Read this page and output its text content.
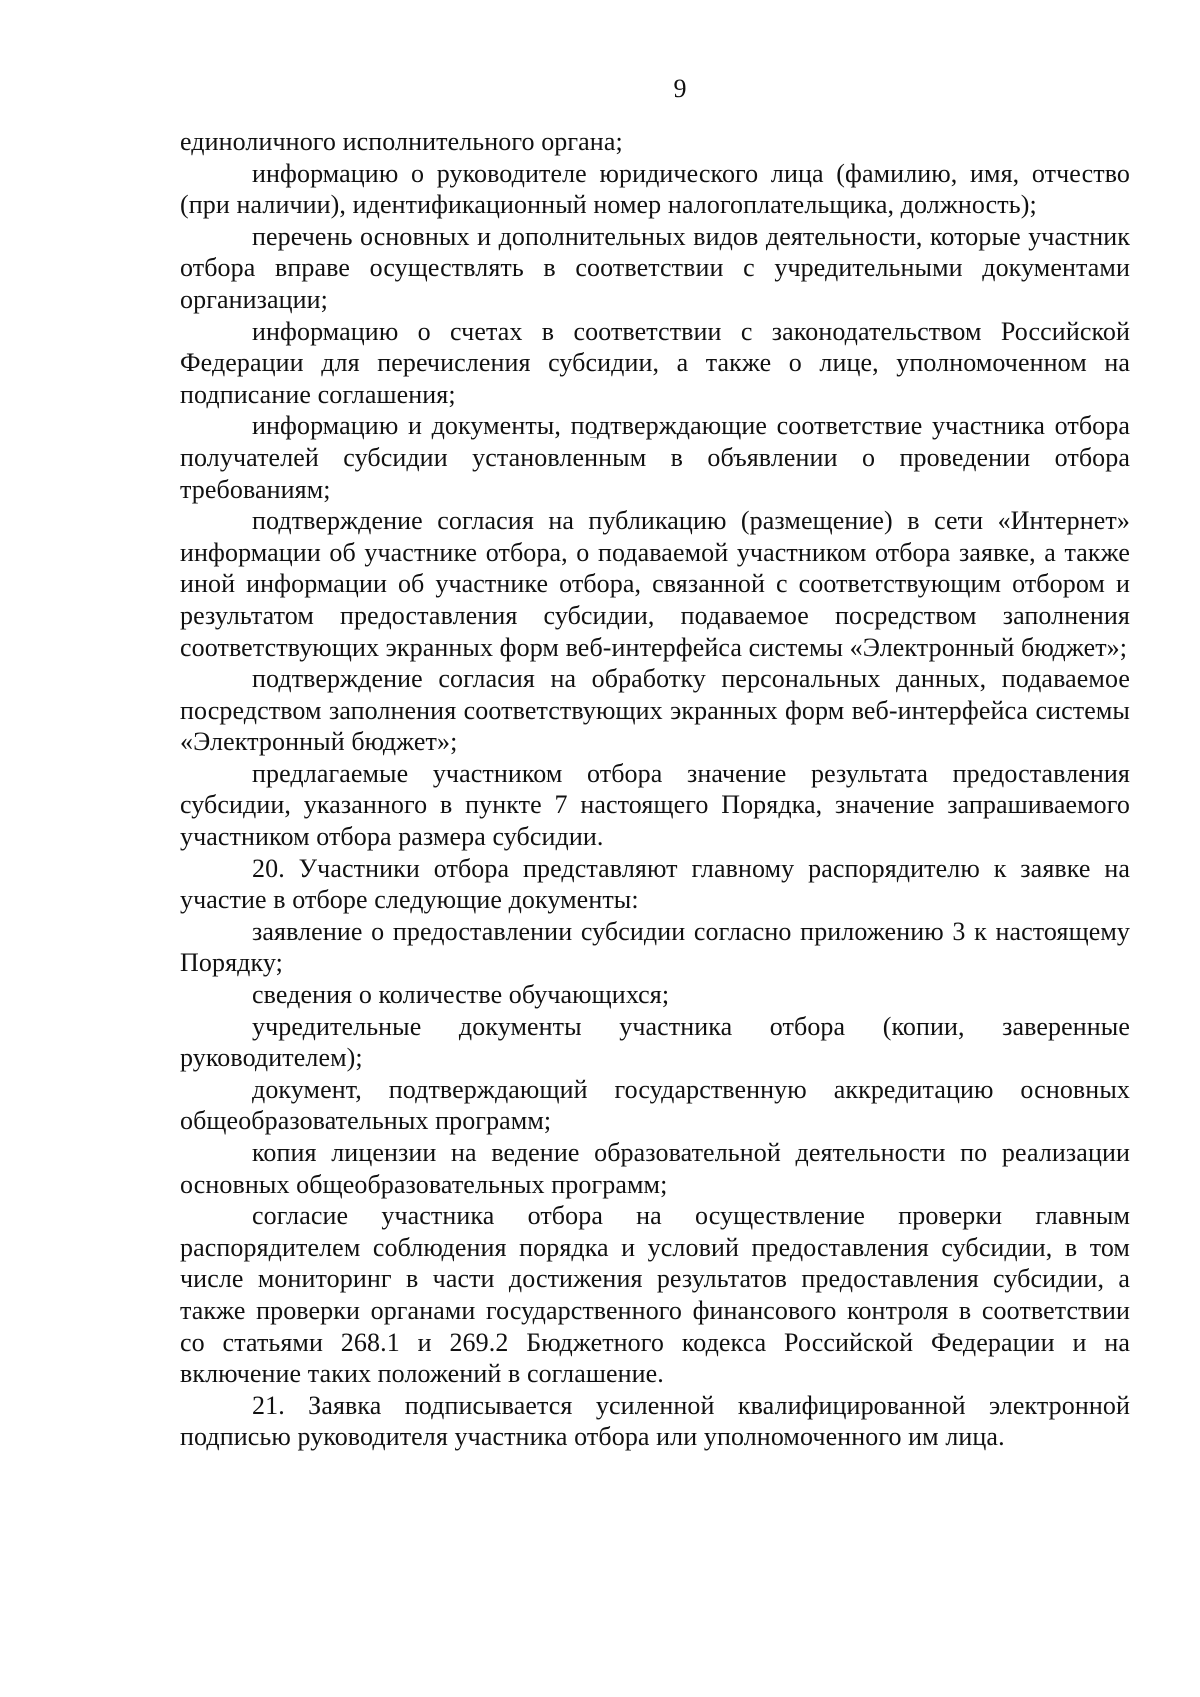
9

единоличного исполнительного органа;

информацию о руководителе юридического лица (фамилию, имя, отчество (при наличии), идентификационный номер налогоплательщика, должность);

перечень основных и дополнительных видов деятельности, которые участник отбора вправе осуществлять в соответствии с учредительными документами организации;

информацию о счетах в соответствии с законодательством Российской Федерации для перечисления субсидии, а также о лице, уполномоченном на подписание соглашения;

информацию и документы, подтверждающие соответствие участника отбора получателей субсидии установленным в объявлении о проведении отбора требованиям;

подтверждение согласия на публикацию (размещение) в сети «Интернет» информации об участнике отбора, о подаваемой участником отбора заявке, а также иной информации об участнике отбора, связанной с соответствующим отбором и результатом предоставления субсидии, подаваемое посредством заполнения соответствующих экранных форм веб-интерфейса системы «Электронный бюджет»;

подтверждение согласия на обработку персональных данных, подаваемое посредством заполнения соответствующих экранных форм веб-интерфейса системы «Электронный бюджет»;

предлагаемые участником отбора значение результата предоставления субсидии, указанного в пункте 7 настоящего Порядка, значение запрашиваемого участником отбора размера субсидии.

20. Участники отбора представляют главному распорядителю к заявке на участие в отборе следующие документы:

заявление о предоставлении субсидии согласно приложению 3 к настоящему Порядку;

сведения о количестве обучающихся;

учредительные документы участника отбора (копии, заверенные руководителем);

документ, подтверждающий государственную аккредитацию основных общеобразовательных программ;

копия лицензии на ведение образовательной деятельности по реализации основных общеобразовательных программ;

согласие участника отбора на осуществление проверки главным распорядителем соблюдения порядка и условий предоставления субсидии, в том числе мониторинг в части достижения результатов предоставления субсидии, а также проверки органами государственного финансового контроля в соответствии со статьями 268.1 и 269.2 Бюджетного кодекса Российской Федерации и на включение таких положений в соглашение.

21. Заявка подписывается усиленной квалифицированной электронной подписью руководителя участника отбора или уполномоченного им лица.
